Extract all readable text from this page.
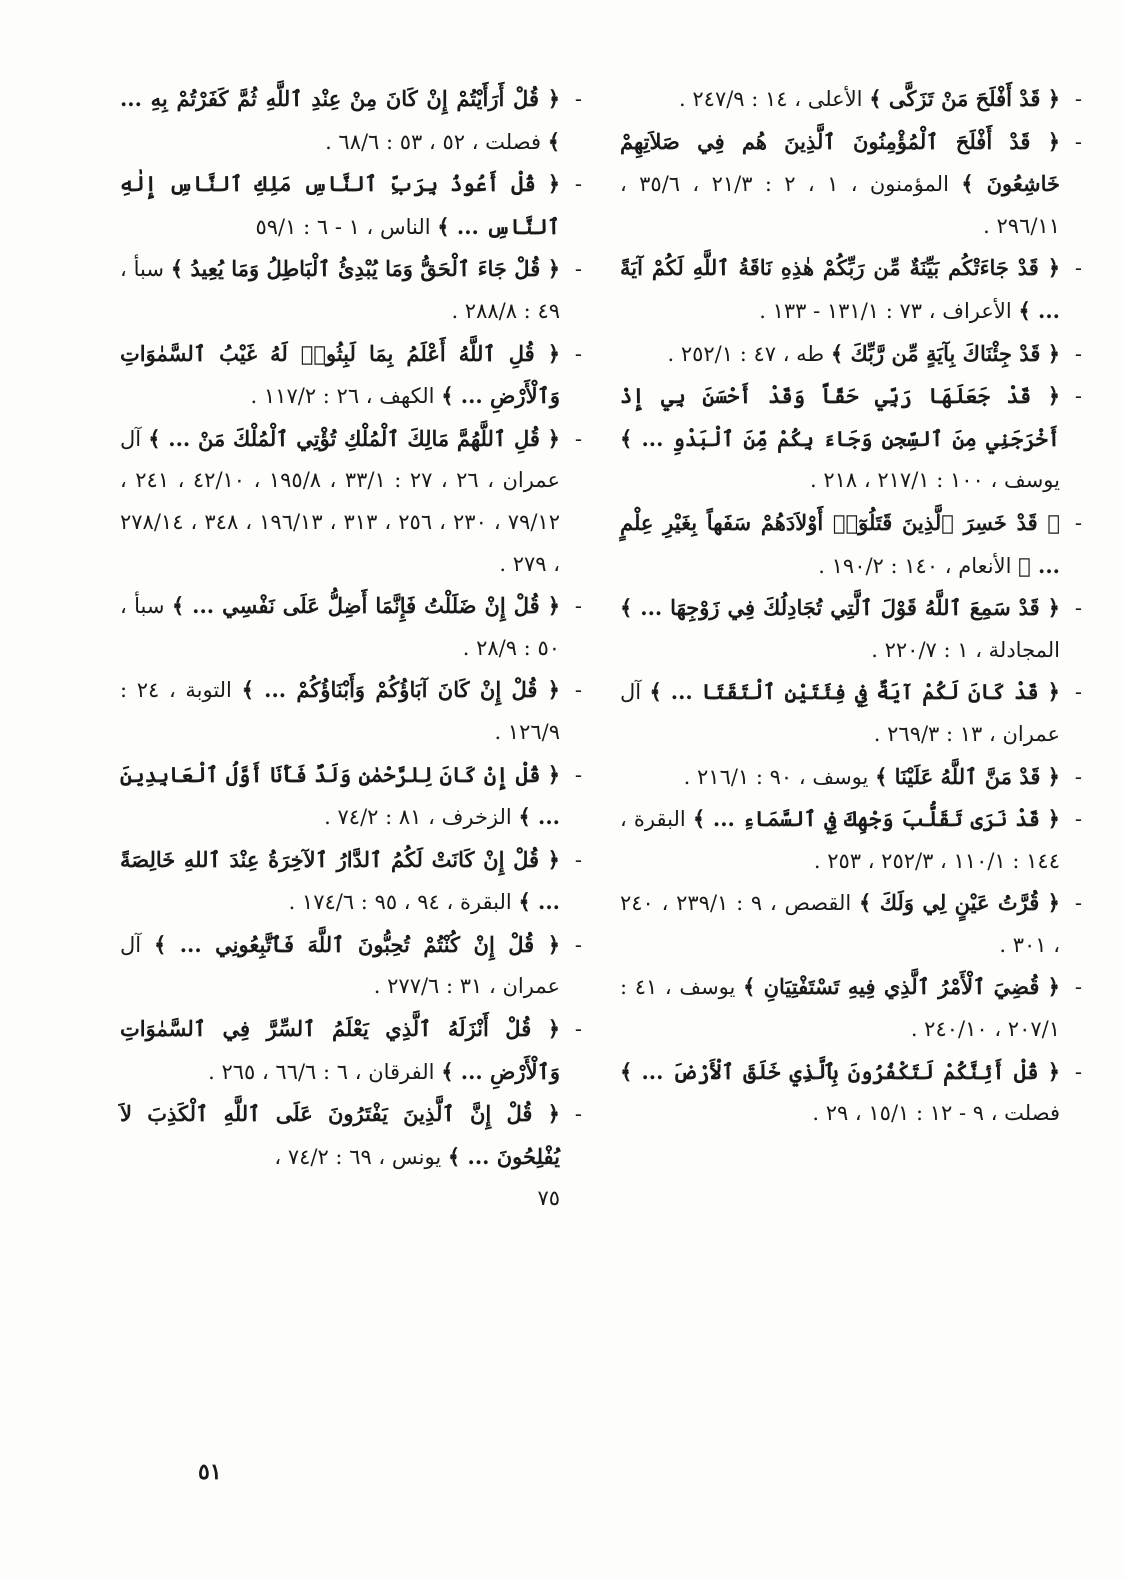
-﴿ قَدْ أَفْلَحَ مَنْ تَزَكَّى ﴾ الأعلى ، ١٤ : ٢٤٧/٩ .

-﴿ قَدْ أَفْلَحَ ٱلْمُؤْمِنُونَ ٱلَّذِينَ هُم فِي صَلاَتِهِمْ خَاشِعُونَ ﴾ المؤمنون ، ١ ، ٢ : ٢١/٣ ، ٣٥/٦ ، ٢٩٦/١١ .

-﴿ قَدْ جَاءَتْكُم بَيِّنَةٌ مِّن رَبِّكُمْ هٰذِهِ نَاقَةُ ٱللَّهِ لَكُمْ آيَةً ... ﴾ الأعراف ، ٧٣ : ١٣١/١ - ١٣٣ .

-﴿ قَدْ جِئْنَاكَ بِآيَةٍ مِّن رَّبِّكَ ﴾ طه ، ٤٧ : ٢٥٢/١ .

-﴿ قَدْ جَعَلَهَا رَبِّي حَقّاً وَقَدْ أَحْسَنَ بِي إِذْ أَخْرَجَنِي مِنَ ٱلسِّجنِ وَجَاءَ بِكُمْ مِّنَ ٱلْبَدْوِ ... ﴾ يوسف ، ١٠٠ : ٢١٧/١ ، ٢١٨ .

-﴿ قَدْ خَسِرَ ٱلَّذِينَ قَتَلُوٓا۟ أَوْلاَدَهُمْ سَفَهاً بِغَيْرِ عِلْمٍ ... ﴾ الأنعام ، ١٤٠ : ١٩٠/٢ .

-﴿ قَدْ سَمِعَ ٱللَّهُ قَوْلَ ٱلَّتِي تُجَادِلُكَ فِي زَوْجِهَا ... ﴾ المجادلة ، ١ : ٢٢٠/٧ .

-﴿ قَدْ كَانَ لَكُمْ آيَةٌ فِي فِئَتَيْنِ ٱلْتَقَتَا ... ﴾ آل عمران ، ١٣ : ٢٦٩/٣ .

-﴿ قَدْ مَنَّ ٱللَّهُ عَلَيْنَا ﴾ يوسف ، ٩٠ : ٢١٦/١ .

-﴿ قَدْ نَرَى تَقَلُّبَ وَجْهِكَ فِي ٱلسَّمَاءِ ... ﴾ البقرة ، ١٤٤ : ١١٠/١ ، ٢٥٢/٣ ، ٢٥٣ .

-﴿ قُرَّتُ عَيْنٍ لِي وَلَكَ ﴾ القصص ، ٩ : ٢٣٩/١ ، ٢٤٠ ، ٣٠١ .

-﴿ قُضِيَ ٱلْأَمْرُ ٱلَّذِي فِيهِ تَسْتَفْتِيَانِ ﴾ يوسف ، ٤١ : ٢٠٧/١ ، ٢٤٠/١٠ .

-﴿ قُلْ أَئِنَّكُمْ لَتَكْفُرُونَ بِٱلَّذِي خَلَقَ ٱلْأَرْضَ ... ﴾ فصلت ، ٩ - ١٢ : ١٥/١ ، ٢٩ .

-﴿ قُلْ أَرَأَيْتُمْ إِنْ كَانَ مِنْ عِنْدِ ٱللَّهِ ثُمَّ كَفَرْتُمْ بِهِ ... ﴾ فصلت ، ٥٢ ، ٥٣ : ٦٨/٦ .

-﴿ قُلْ أَعُوذُ بِرَبِّ ٱلنَّاسِ مَلِكِ ٱلنَّاسِ إِلٰهِ ٱلنَّاسِ ... ﴾ الناس ، ١ - ٦ : ٥٩/١

-﴿ قُلْ جَاءَ ٱلْحَقُّ وَمَا يُبْدِئُ ٱلْبَاطِلُ وَمَا يُعِيدُ ﴾ سبأ ، ٤٩ : ٢٨٨/٨ .

-﴿ قُلِ ٱللَّهُ أَعْلَمُ بِمَا لَبِثُوا۟ لَهُ غَيْبُ ٱلسَّمٰوَاتِ وَٱلْأَرْضِ ... ﴾ الكهف ، ٢٦ : ١١٧/٢ .

-﴿ قُلِ ٱللَّهُمَّ مَالِكَ ٱلْمُلْكِ تُؤْتِي ٱلْمُلْكَ مَنْ ... ﴾ آل عمران ، ٢٦ ، ٢٧ : ٣٣/١ ، ١٩٥/٨ ، ٤٢/١٠ ، ٢٤١ ، ٧٩/١٢ ، ٢٣٠ ، ٢٥٦ ، ٣١٣ ، ١٩٦/١٣ ، ٣٤٨ ، ٢٧٨/١٤ ، ٢٧٩ .

-﴿ قُلْ إِنْ ضَلَلْتُ فَإِنَّمَا أَضِلُّ عَلَى نَفْسِي ... ﴾ سبأ ، ٥٠ : ٢٨/٩ .

-﴿ قُلْ إِنْ كَانَ آبَاؤُكُمْ وَأَبْنَاؤُكُمْ ... ﴾ التوبة ، ٢٤ : ١٢٦/٩ .

-﴿ قُلْ إِنْ كَانَ لِلرَّحْمٰنِ وَلَدٌ فَأَنَا أَوَّلُ ٱلْعَابِدِينَ ... ﴾ الزخرف ، ٨١ : ٧٤/٢ .

-﴿ قُلْ إِنْ كَانَتْ لَكُمُ ٱلدَّارُ ٱلآخِرَةُ عِنْدَ ٱللهِ خَالِصَةً ... ﴾ البقرة ، ٩٤ ، ٩٥ : ١٧٤/٦ .

-﴿ قُلْ إِنْ كُنْتُمْ تُحِبُّونَ ٱللَّهَ فَٱتَّبِعُونِي ... ﴾ آل عمران ، ٣١ : ٢٧٧/٦ .

-﴿ قُلْ أَنْزَلَهُ ٱلَّذِي يَعْلَمُ ٱلسِّرَّ فِي ٱلسَّمٰوَاتِ وَٱلْأَرْضِ ... ﴾ الفرقان ، ٦ : ٦٦/٦ ، ٢٦٥ .

-﴿ قُلْ إِنَّ ٱلَّذِينَ يَفْتَرُونَ عَلَى ٱللَّهِ ٱلْكَذِبَ لاَ يُفْلِحُونَ ... ﴾ يونس ، ٦٩ : ٧٤/٢ ،

٧٥
٥١
